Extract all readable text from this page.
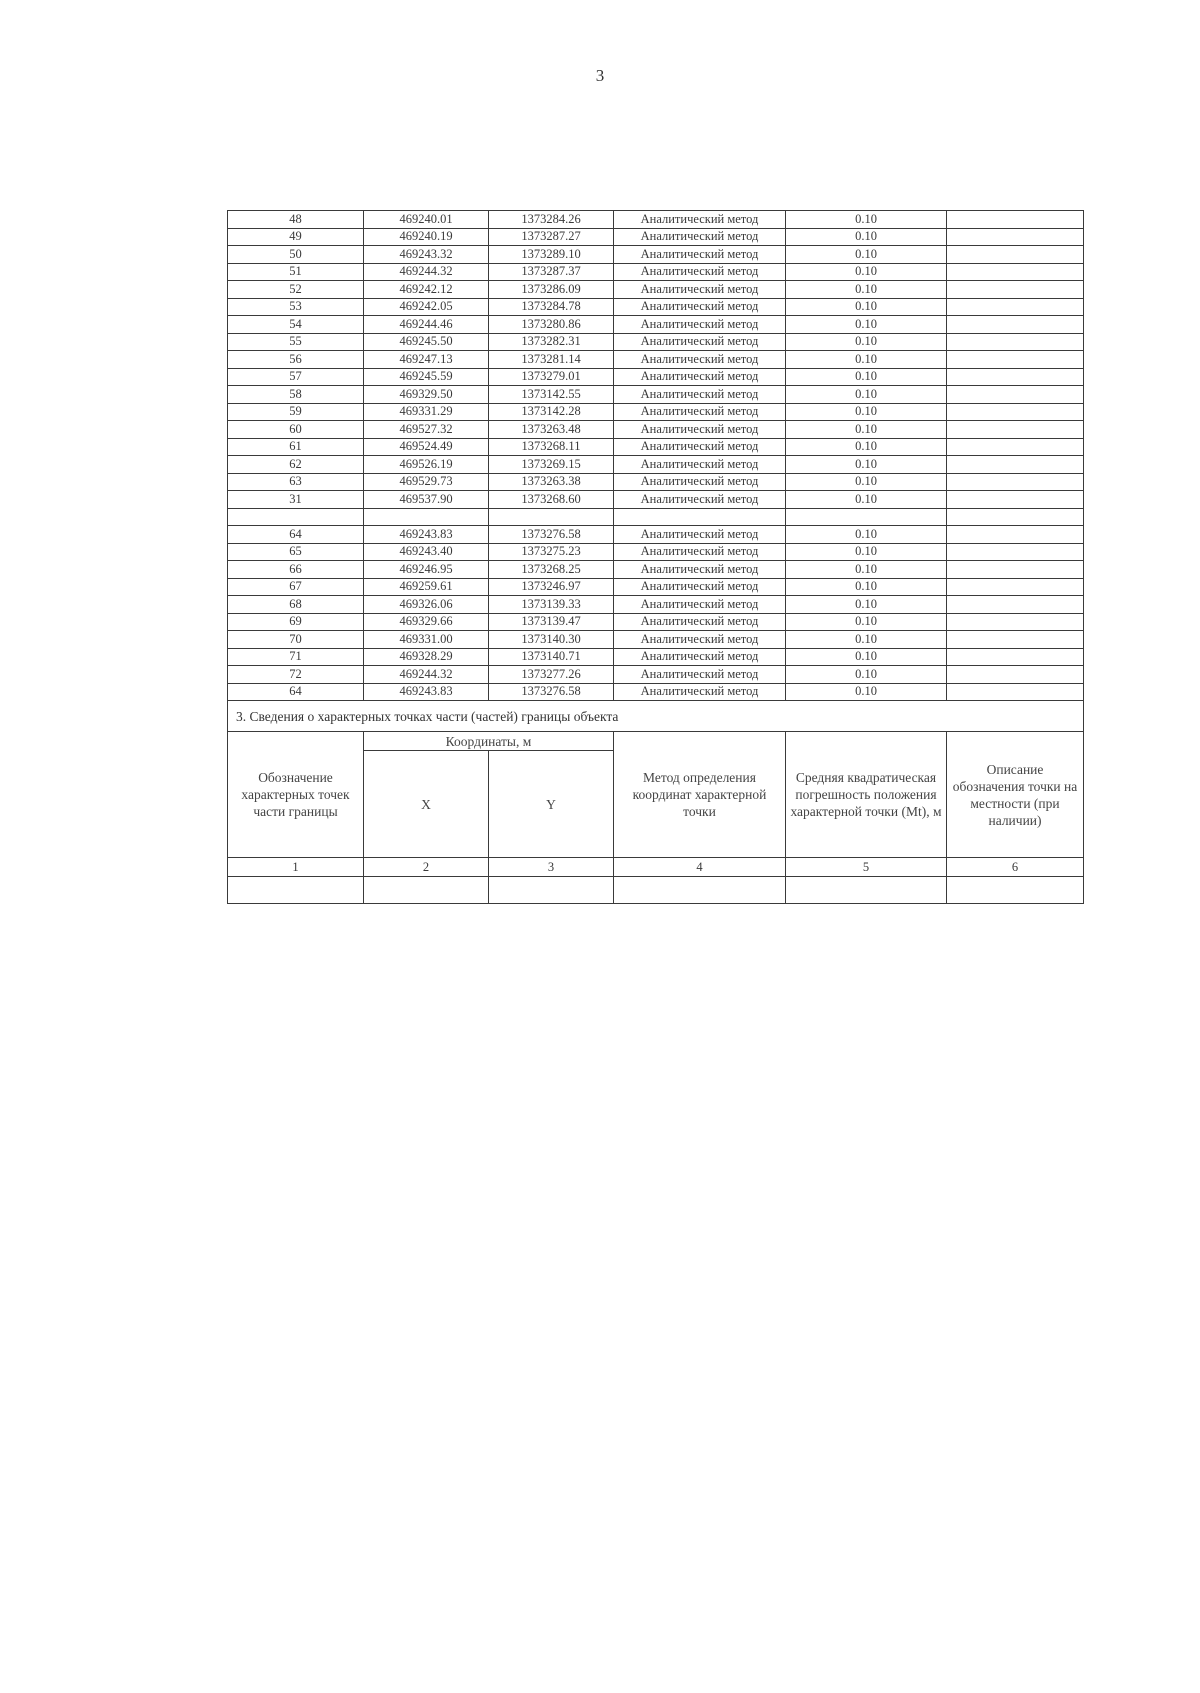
3
48	469240.01	1373284.26	Аналитический метод	0.10	
49	469240.19	1373287.27	Аналитический метод	0.10	
50	469243.32	1373289.10	Аналитический метод	0.10	
51	469244.32	1373287.37	Аналитический метод	0.10	
52	469242.12	1373286.09	Аналитический метод	0.10	
53	469242.05	1373284.78	Аналитический метод	0.10	
54	469244.46	1373280.86	Аналитический метод	0.10	
55	469245.50	1373282.31	Аналитический метод	0.10	
56	469247.13	1373281.14	Аналитический метод	0.10	
57	469245.59	1373279.01	Аналитический метод	0.10	
58	469329.50	1373142.55	Аналитический метод	0.10	
59	469331.29	1373142.28	Аналитический метод	0.10	
60	469527.32	1373263.48	Аналитический метод	0.10	
61	469524.49	1373268.11	Аналитический метод	0.10	
62	469526.19	1373269.15	Аналитический метод	0.10	
63	469529.73	1373263.38	Аналитический метод	0.10	
31	469537.90	1373268.60	Аналитический метод	0.10	

64	469243.83	1373276.58	Аналитический метод	0.10	
65	469243.40	1373275.23	Аналитический метод	0.10	
66	469246.95	1373268.25	Аналитический метод	0.10	
67	469259.61	1373246.97	Аналитический метод	0.10	
68	469326.06	1373139.33	Аналитический метод	0.10	
69	469329.66	1373139.47	Аналитический метод	0.10	
70	469331.00	1373140.30	Аналитический метод	0.10	
71	469328.29	1373140.71	Аналитический метод	0.10	
72	469244.32	1373277.26	Аналитический метод	0.10	
64	469243.83	1373276.58	Аналитический метод	0.10	
3. Сведения о характерных точках части (частей) границы объекта					
Обозначение характерных точек части границы	Координаты, м		Метод определения координат характерной точки	Средняя квадратическая погрешность положения характерной точки (Mt), м	Описание обозначения точки на местности (при наличии)
	X	Y			
1	2	3	4	5	6
